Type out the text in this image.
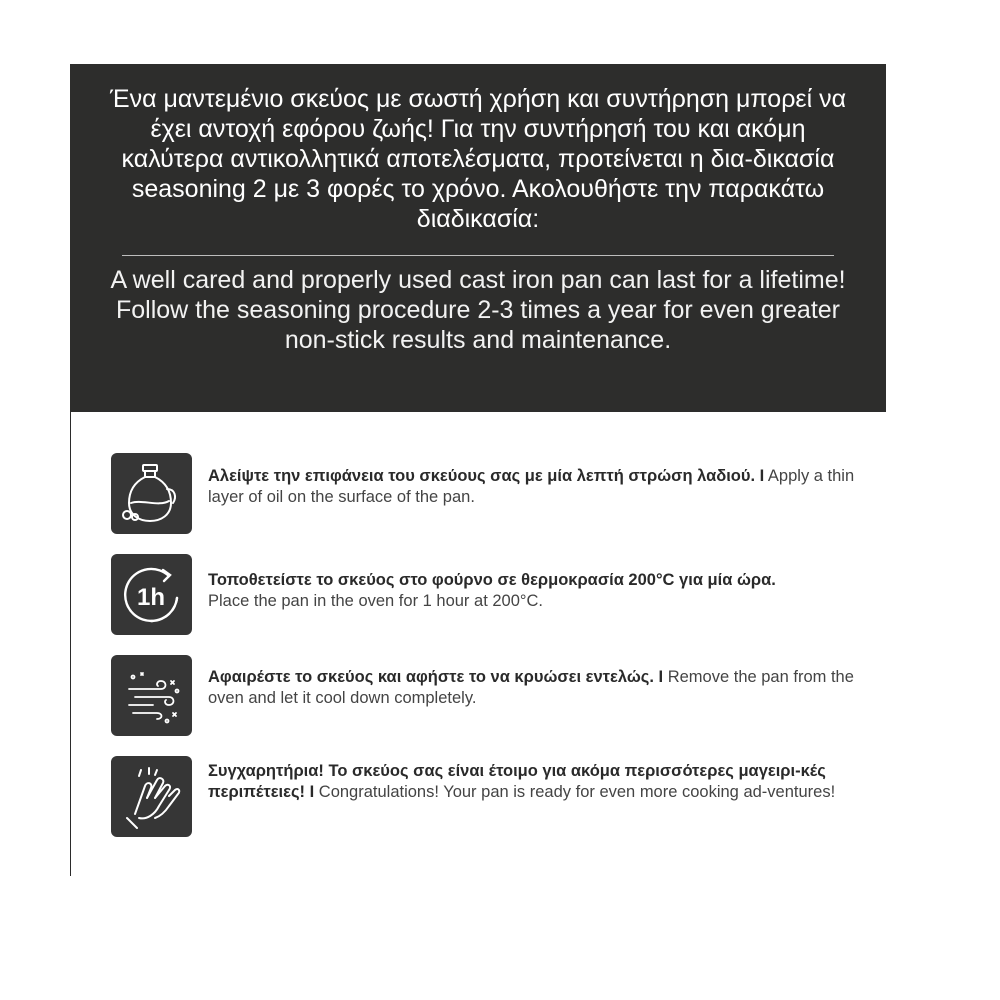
Ένα μαντεμένιο σκεύος με σωστή χρήση και συντήρηση μπορεί να έχει αντοχή εφόρου ζωής! Για την συντήρησή του και ακόμη καλύτερα αντικολλητικά αποτελέσματα, προτείνεται η δια-δικασία seasoning 2 με 3 φορές το χρόνο. Ακολουθήστε την παρακάτω διαδικασία:

A well cared and properly used cast iron pan can last for a lifetime! Follow the seasoning procedure 2-3 times a year for even greater non-stick results and maintenance.

Αλείψτε την επιφάνεια του σκεύους σας με μία λεπτή στρώση λαδιού. I Apply a thin layer of oil on the surface of the pan.

1h

Τοποθετείστε το σκεύος στο φούρνο σε θερμοκρασία 200°C για μία ώρα.
Place the pan in the oven for 1 hour at 200°C.

Αφαιρέστε το σκεύος και αφήστε το να κρυώσει εντελώς. I Remove the pan from the oven and let it cool down completely.

Συγχαρητήρια! Το σκεύος σας είναι έτοιμο για ακόμα περισσότερες μαγειρι-κές περιπέτειες! I Congratulations! Your pan is ready for even more cooking ad-ventures!
